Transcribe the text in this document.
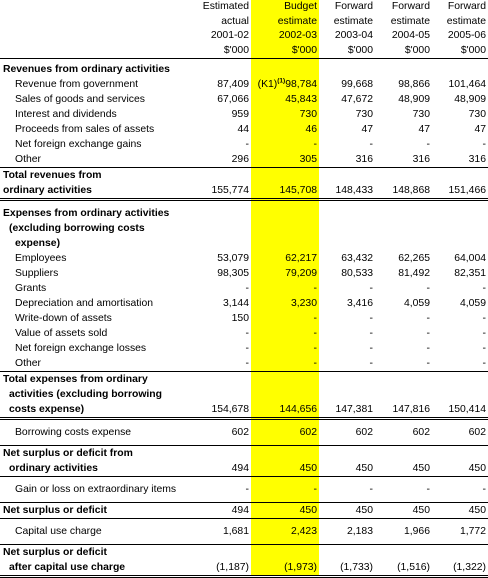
	Estimated	Budget	Forward	Forward	Forward
	actual	estimate	estimate	estimate	estimate
	2001-02	2002-03	2003-04	2004-05	2005-06
	$'000	$'000	$'000	$'000	$'000

Revenues from ordinary activities					
Revenue from government	87,409	$(K1)^{(1)}98,784$	99,668	98,866	101,464
Sales of goods and services	67,066	45,843	47,672	48,909	48,909
Interest and dividends	959	730	730	730	730
Proceeds from sales of assets	44	46	47	47	47
Net foreign exchange gains	-	-	-	-	-
Other	296	305	316	316	316
Total revenues from					
ordinary activities	155,774	145,708	148,433	148,868	151,466

Expenses from ordinary activities					
(excluding borrowing costs					
expense)					
Employees	53,079	62,217	63,432	62,265	64,004
Suppliers	98,305	79,209	80,533	81,492	82,351
Grants	-	-	-	-	-
Depreciation and amortisation	3,144	3,230	3,416	4,059	4,059
Write-down of assets	150	-	-	-	-
Value of assets sold	-	-	-	-	-
Net foreign exchange losses	-	-	-	-	-
Other	-	-	-	-	-
Total expenses from ordinary					
activities (excluding borrowing					
costs expense)	154,678	144,656	147,381	147,816	150,414

Borrowing costs expense	602	602	602	602	602

Net surplus or deficit from					
ordinary activities	494	450	450	450	450

Gain or loss on extraordinary items	-	-	-	-	-

Net surplus or deficit	494	450	450	450	450

Capital use charge	1,681	2,423	2,183	1,966	1,772

Net surplus or deficit					
after capital use charge	(1,187)	(1,973)	(1,733)	(1,516)	(1,322)
